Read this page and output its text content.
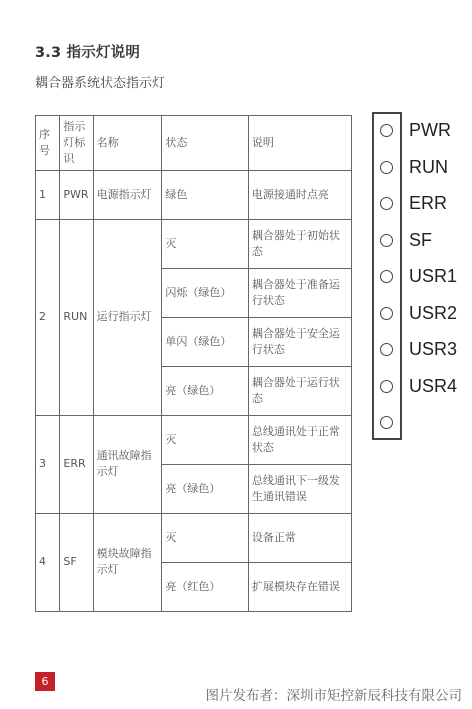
3.3 指示灯说明
耦合器系统状态指示灯
序号	指示灯标识	名称	状态	说明
1	PWR	电源指示灯	绿色	电源接通时点亮
2	RUN	运行指示灯	灭	耦合器处于初始状态
			闪烁（绿色）	耦合器处于准备运行状态
			单闪（绿色）	耦合器处于安全运行状态
			亮（绿色）	耦合器处于运行状态
3	ERR	通讯故障指示灯	灭	总线通讯处于正常状态
			亮（绿色）	总线通讯下一级发生通讯错误
4	SF	模块故障指示灯	灭	设备正常
			亮（红色）	扩展模块存在错误
PWR
RUN
ERR
SF
USR1
USR2
USR3
USR4
6
图片发布者：深圳市矩控新辰科技有限公司
